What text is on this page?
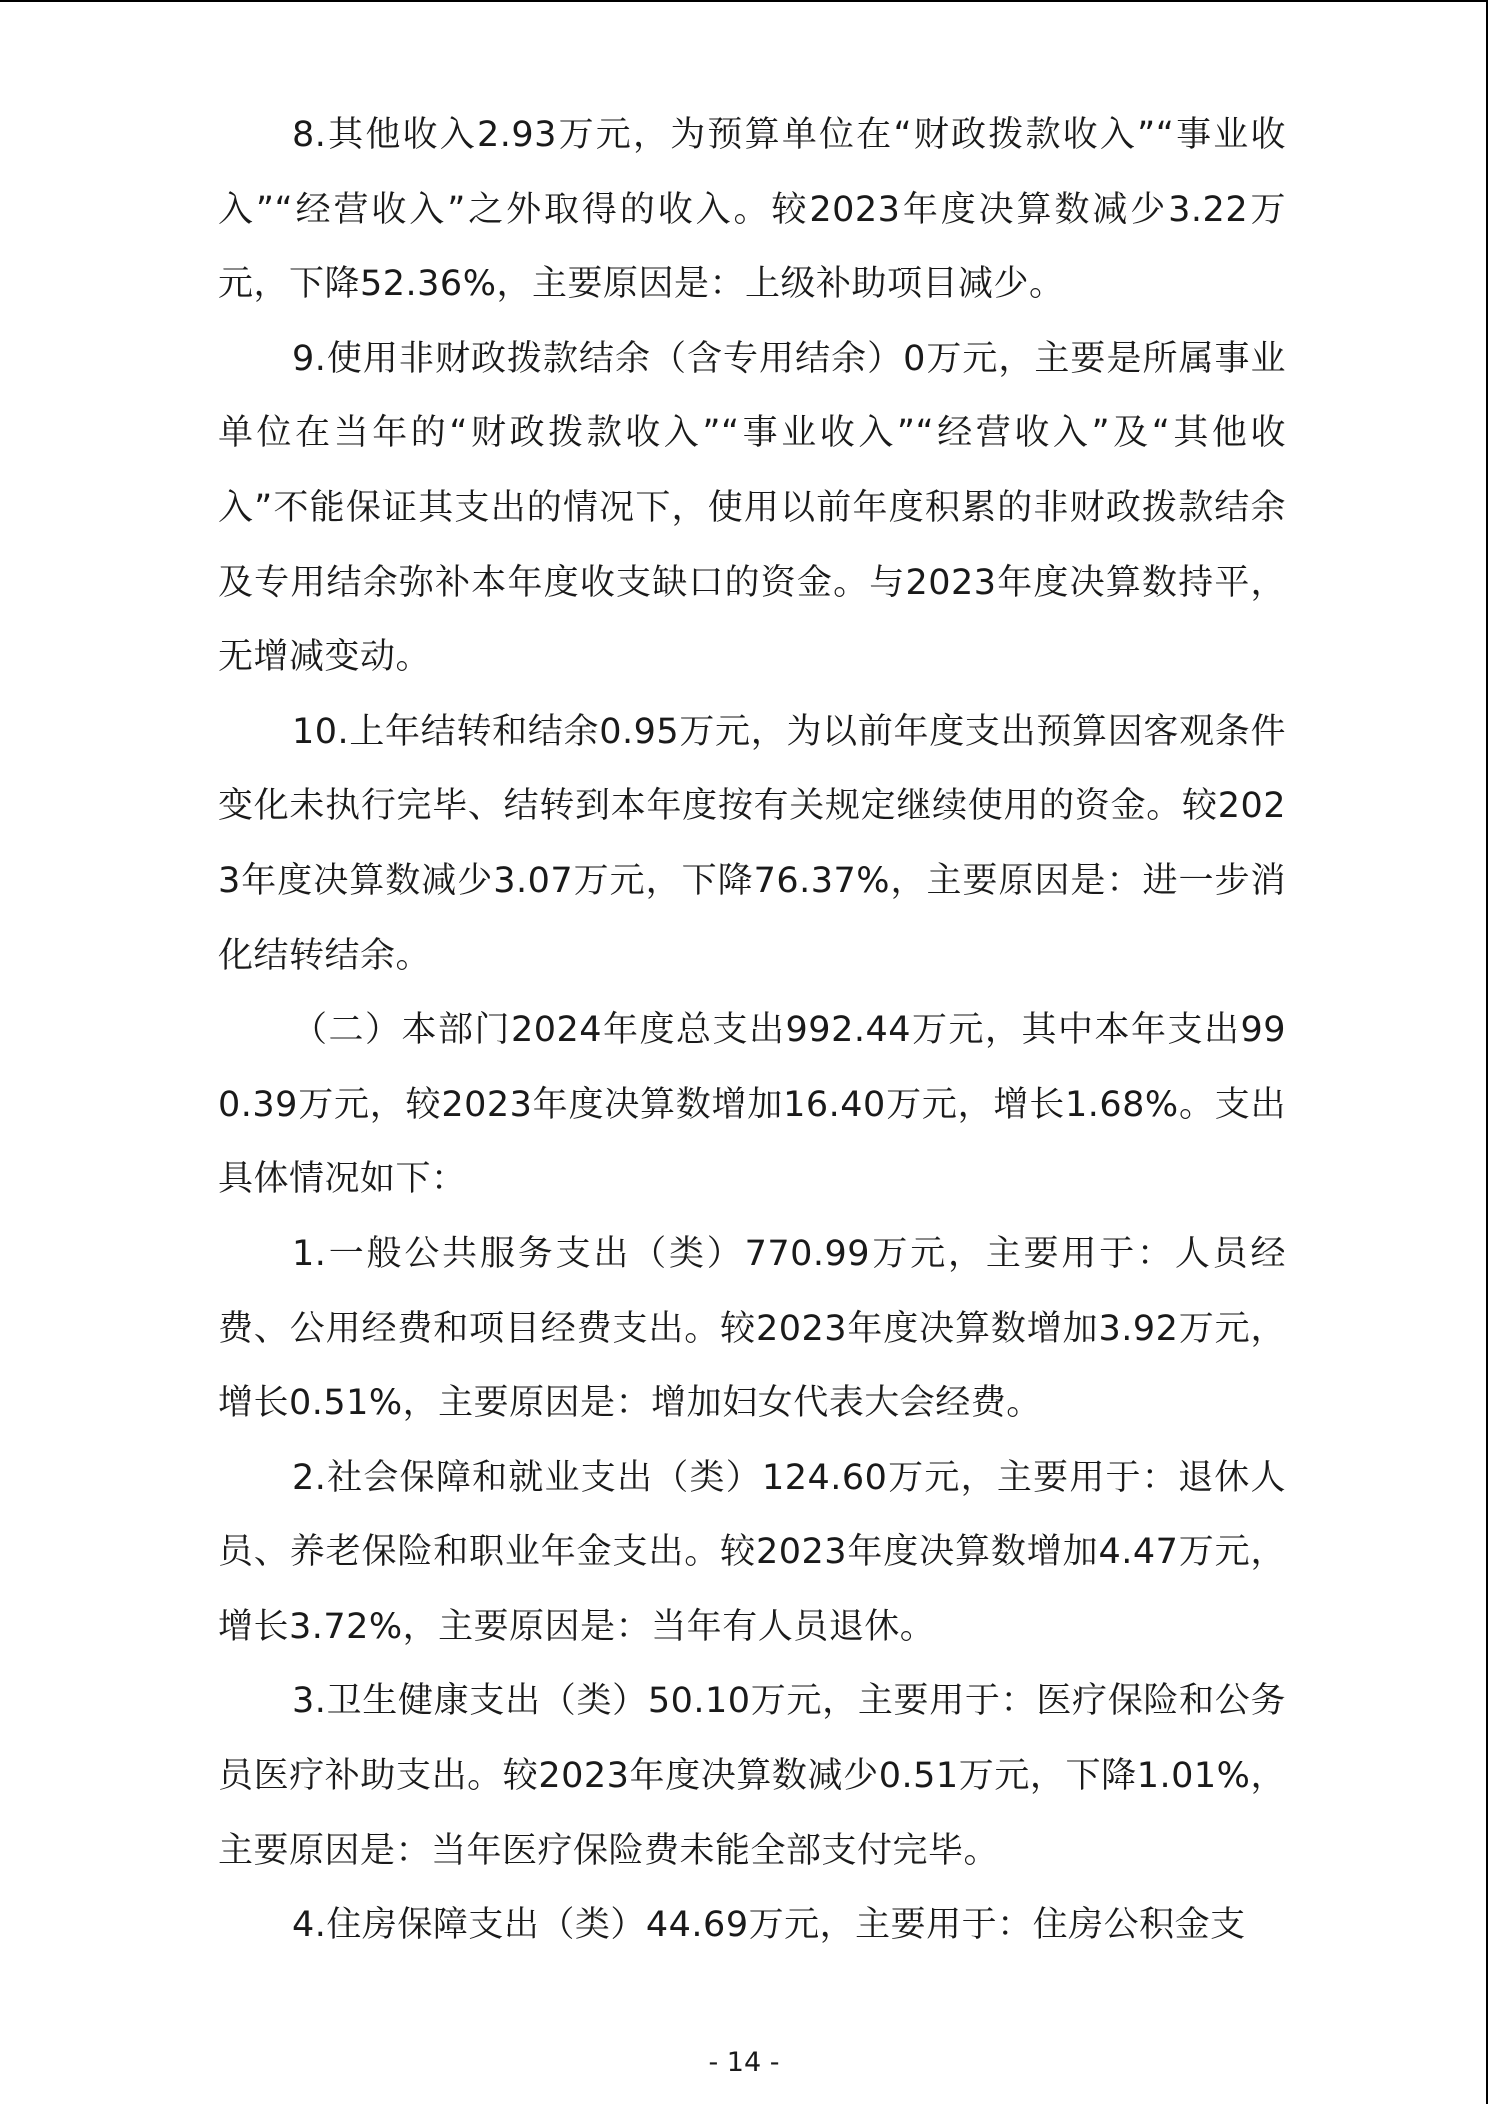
8.其他收入2.93万元，为预算单位在“财政拨款收入”“事业收入”“经营收入”之外取得的收入。较2023年度决算数减少3.22万元，下降52.36%，主要原因是：上级补助项目减少。

9.使用非财政拨款结余（含专用结余）0万元，主要是所属事业单位在当年的“财政拨款收入”“事业收入”“经营收入”及“其他收入”不能保证其支出的情况下，使用以前年度积累的非财政拨款结余及专用结余弥补本年度收支缺口的资金。与2023年度决算数持平，无增减变动。

10.上年结转和结余0.95万元，为以前年度支出预算因客观条件变化未执行完毕、结转到本年度按有关规定继续使用的资金。较2023年度决算数减少3.07万元，下降76.37%，主要原因是：进一步消化结转结余。

（二）本部门2024年度总支出992.44万元，其中本年支出990.39万元，较2023年度决算数增加16.40万元，增长1.68%。支出具体情况如下：

1.一般公共服务支出（类）770.99万元，主要用于：人员经费、公用经费和项目经费支出。较2023年度决算数增加3.92万元，增长0.51%，主要原因是：增加妇女代表大会经费。

2.社会保障和就业支出（类）124.60万元，主要用于：退休人员、养老保险和职业年金支出。较2023年度决算数增加4.47万元，增长3.72%，主要原因是：当年有人员退休。

3.卫生健康支出（类）50.10万元，主要用于：医疗保险和公务员医疗补助支出。较2023年度决算数减少0.51万元，下降1.01%，主要原因是：当年医疗保险费未能全部支付完毕。

4.住房保障支出（类）44.69万元，主要用于：住房公积金支

- 14 -
